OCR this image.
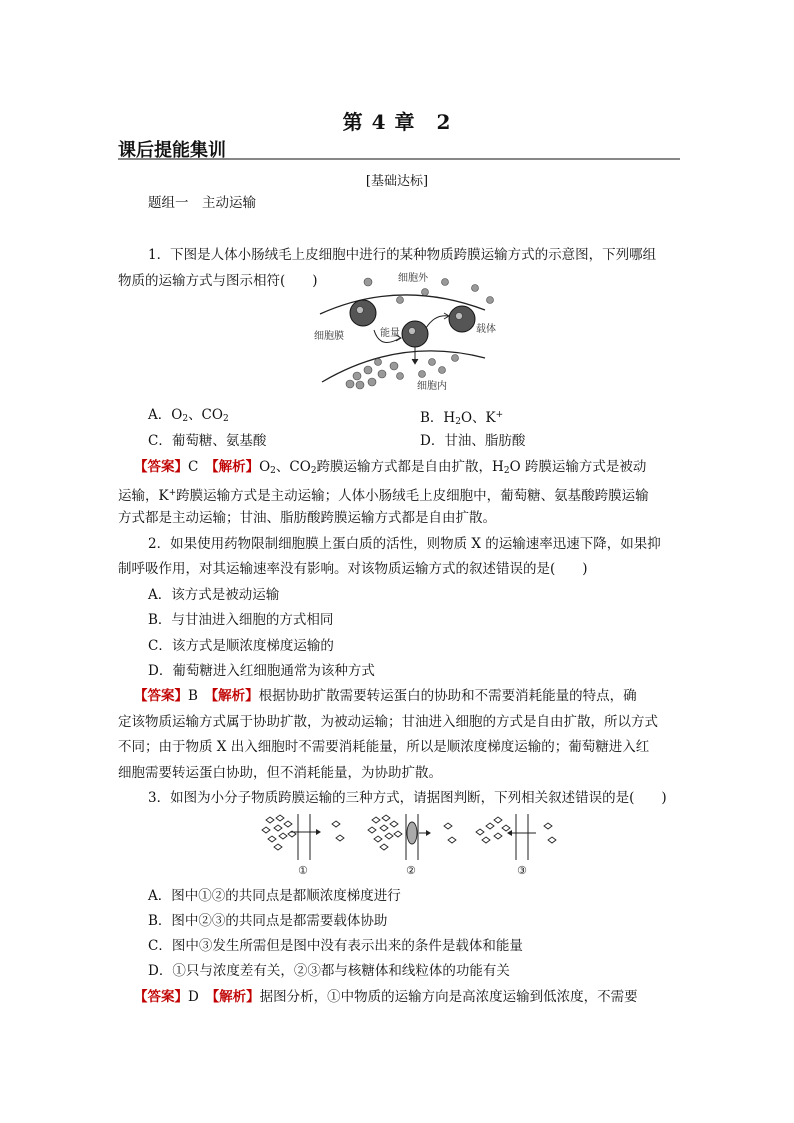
第 4 章　2
课后提能集训
[基础达标]
题组一　主动运输
1．下图是人体小肠绒毛上皮细胞中进行的某种物质跨膜运输方式的示意图，下列哪组
物质的运输方式与图示相符(　　)	细胞外
细胞膜	能量	载体
细胞内
A．$O_2$、$CO_2$	B．$H_2O$、K+
C．葡萄糖、氨基酸	D．甘油、脂肪酸
【答案】C　 【解析】$O_2$、$CO_2$跨膜运输方式都是自由扩散，$H_2O$ 跨膜运输方式是被动
运输，K+跨膜运输方式是主动运输；人体小肠绒毛上皮细胞中，葡萄糖、氨基酸跨膜运输
方式都是主动运输；甘油、脂肪酸跨膜运输方式都是自由扩散。
2．如果使用药物限制细胞膜上蛋白质的活性，则物质 X 的运输速率迅速下降，如果抑
制呼吸作用，对其运输速率没有影响。对该物质运输方式的叙述错误的是(　　)
A．该方式是被动运输
B．与甘油进入细胞的方式相同
C．该方式是顺浓度梯度运输的
D．葡萄糖进入红细胞通常为该种方式
【答案】B　 【解析】根据协助扩散需要转运蛋白的协助和不需要消耗能量的特点，确
定该物质运输方式属于协助扩散，为被动运输；甘油进入细胞的方式是自由扩散，所以方式
不同；由于物质 X 出入细胞时不需要消耗能量，所以是顺浓度梯度运输的；葡萄糖进入红
细胞需要转运蛋白协助，但不消耗能量，为协助扩散。
3．如图为小分子物质跨膜运输的三种方式，请据图判断，下列相关叙述错误的是(　　)
①	②	③
A．图中①②的共同点是都顺浓度梯度进行
B．图中②③的共同点是都需要载体协助
C．图中③发生所需但是图中没有表示出来的条件是载体和能量
D．①只与浓度差有关，②③都与核糖体和线粒体的功能有关
【答案】D　 【解析】据图分析，①中物质的运输方向是高浓度运输到低浓度，不需要
